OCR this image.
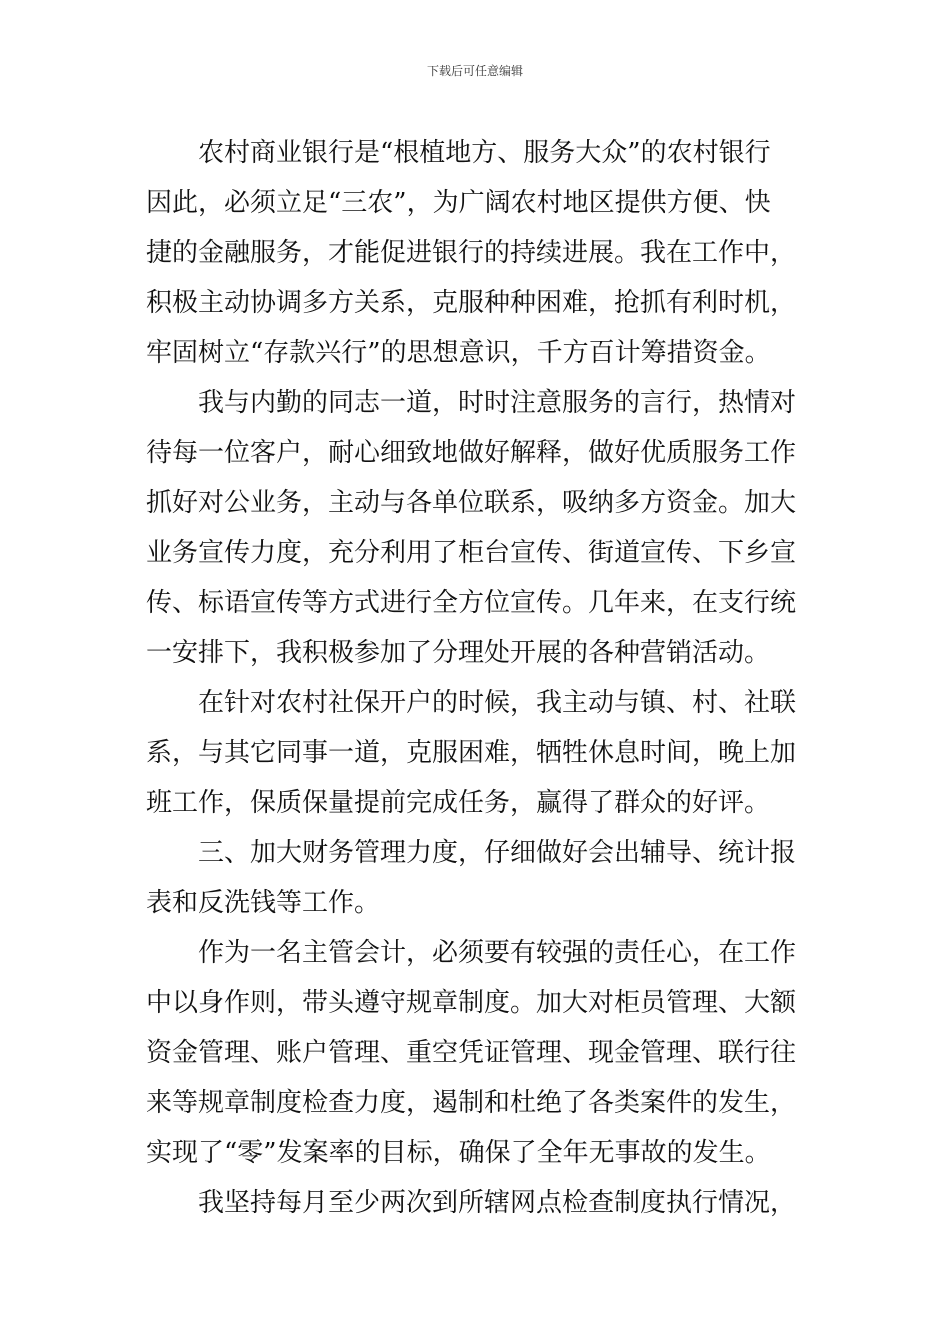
下载后可任意编辑
农村商业银行是“根植地方、服务大众”的农村银行
因此，必须立足“三农”，为广阔农村地区提供方便、快
捷的金融服务，才能促进银行的持续进展。我在工作中，
积极主动协调多方关系，克服种种困难，抢抓有利时机，
牢固树立“存款兴行”的思想意识，千方百计筹措资金。
我与内勤的同志一道，时时注意服务的言行，热情对
待每一位客户，耐心细致地做好解释，做好优质服务工作
抓好对公业务，主动与各单位联系，吸纳多方资金。加大
业务宣传力度，充分利用了柜台宣传、街道宣传、下乡宣
传、标语宣传等方式进行全方位宣传。几年来，在支行统
一安排下，我积极参加了分理处开展的各种营销活动。
在针对农村社保开户的时候，我主动与镇、村、社联
系，与其它同事一道，克服困难，牺牲休息时间，晚上加
班工作，保质保量提前完成任务，赢得了群众的好评。
三、加大财务管理力度，仔细做好会出辅导、统计报
表和反洗钱等工作。
作为一名主管会计，必须要有较强的责任心，在工作
中以身作则，带头遵守规章制度。加大对柜员管理、大额
资金管理、账户管理、重空凭证管理、现金管理、联行往
来等规章制度检查力度，遏制和杜绝了各类案件的发生，
实现了“零”发案率的目标，确保了全年无事故的发生。
我坚持每月至少两次到所辖网点检查制度执行情况，
